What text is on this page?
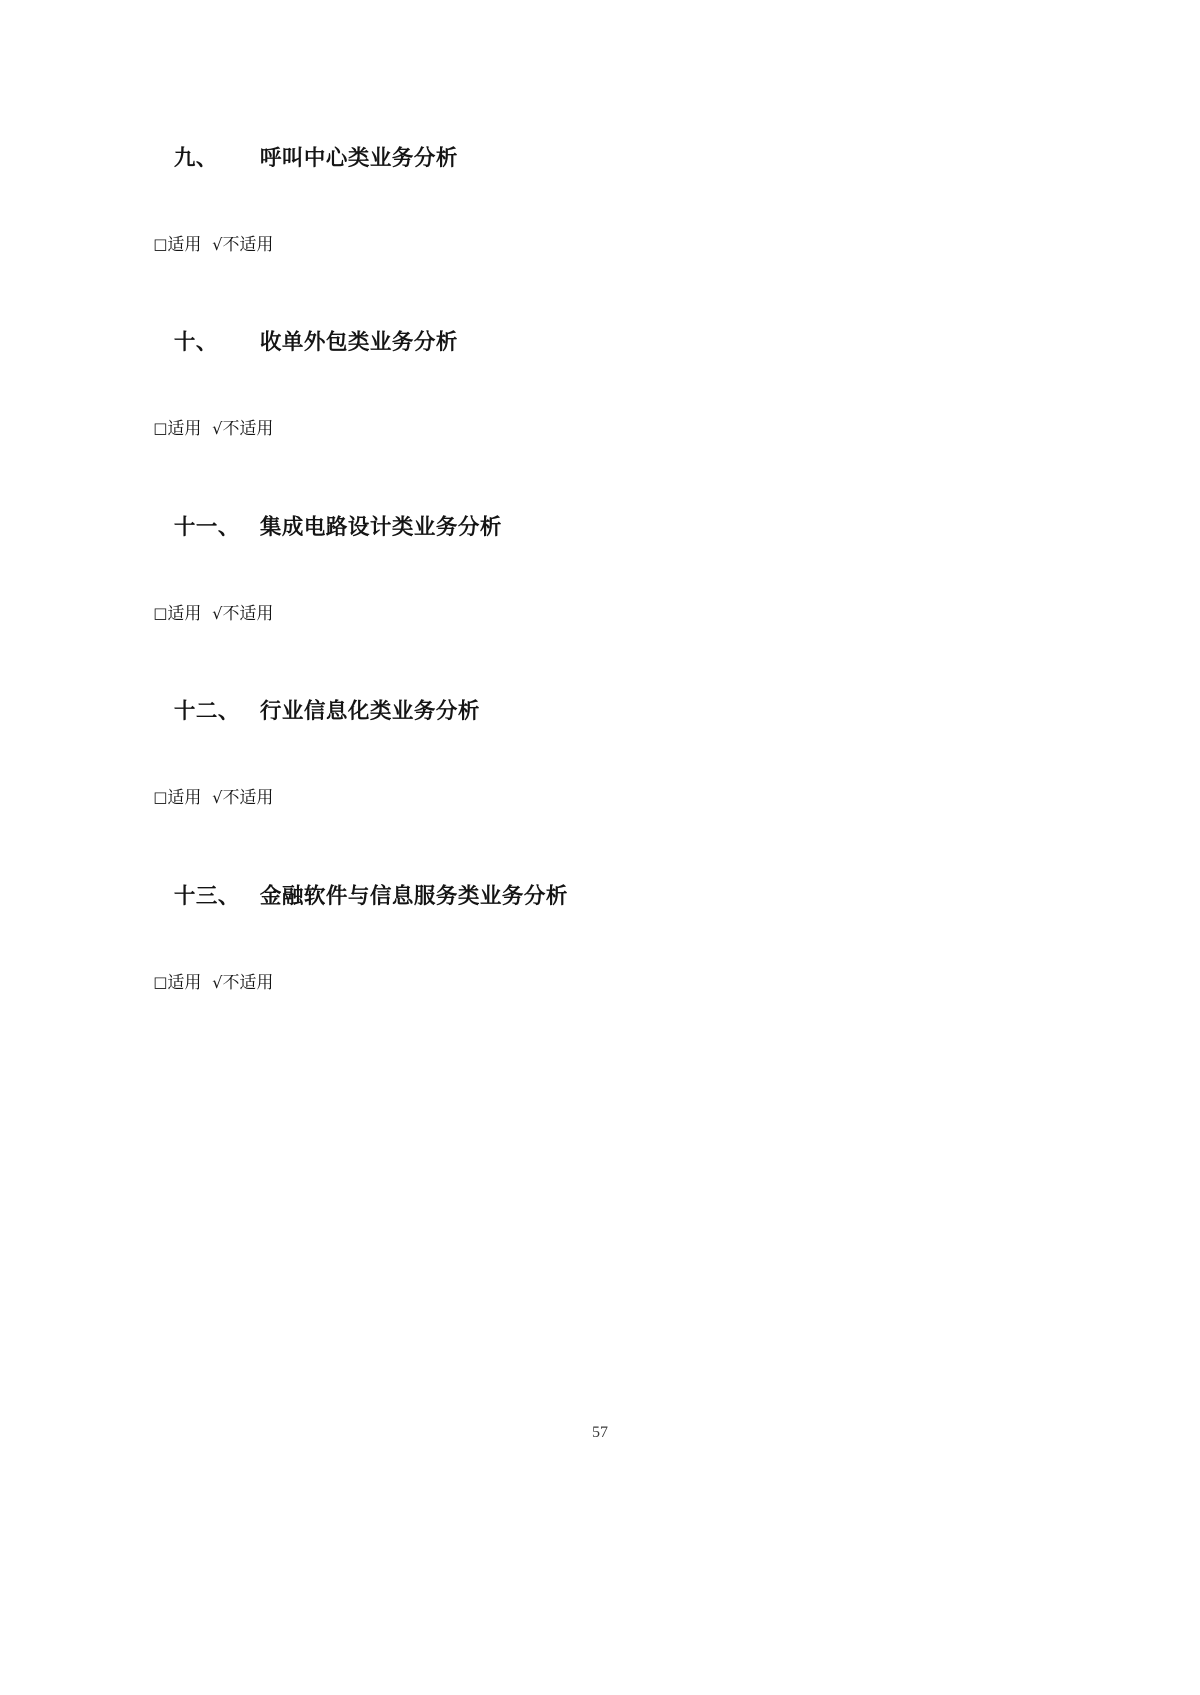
九、 呼叫中心类业务分析

□适用 √不适用

十、 收单外包类业务分析

□适用 √不适用

十一、 集成电路设计类业务分析

□适用 √不适用

十二、 行业信息化类业务分析

□适用 √不适用

十三、 金融软件与信息服务类业务分析

□适用 √不适用

57
